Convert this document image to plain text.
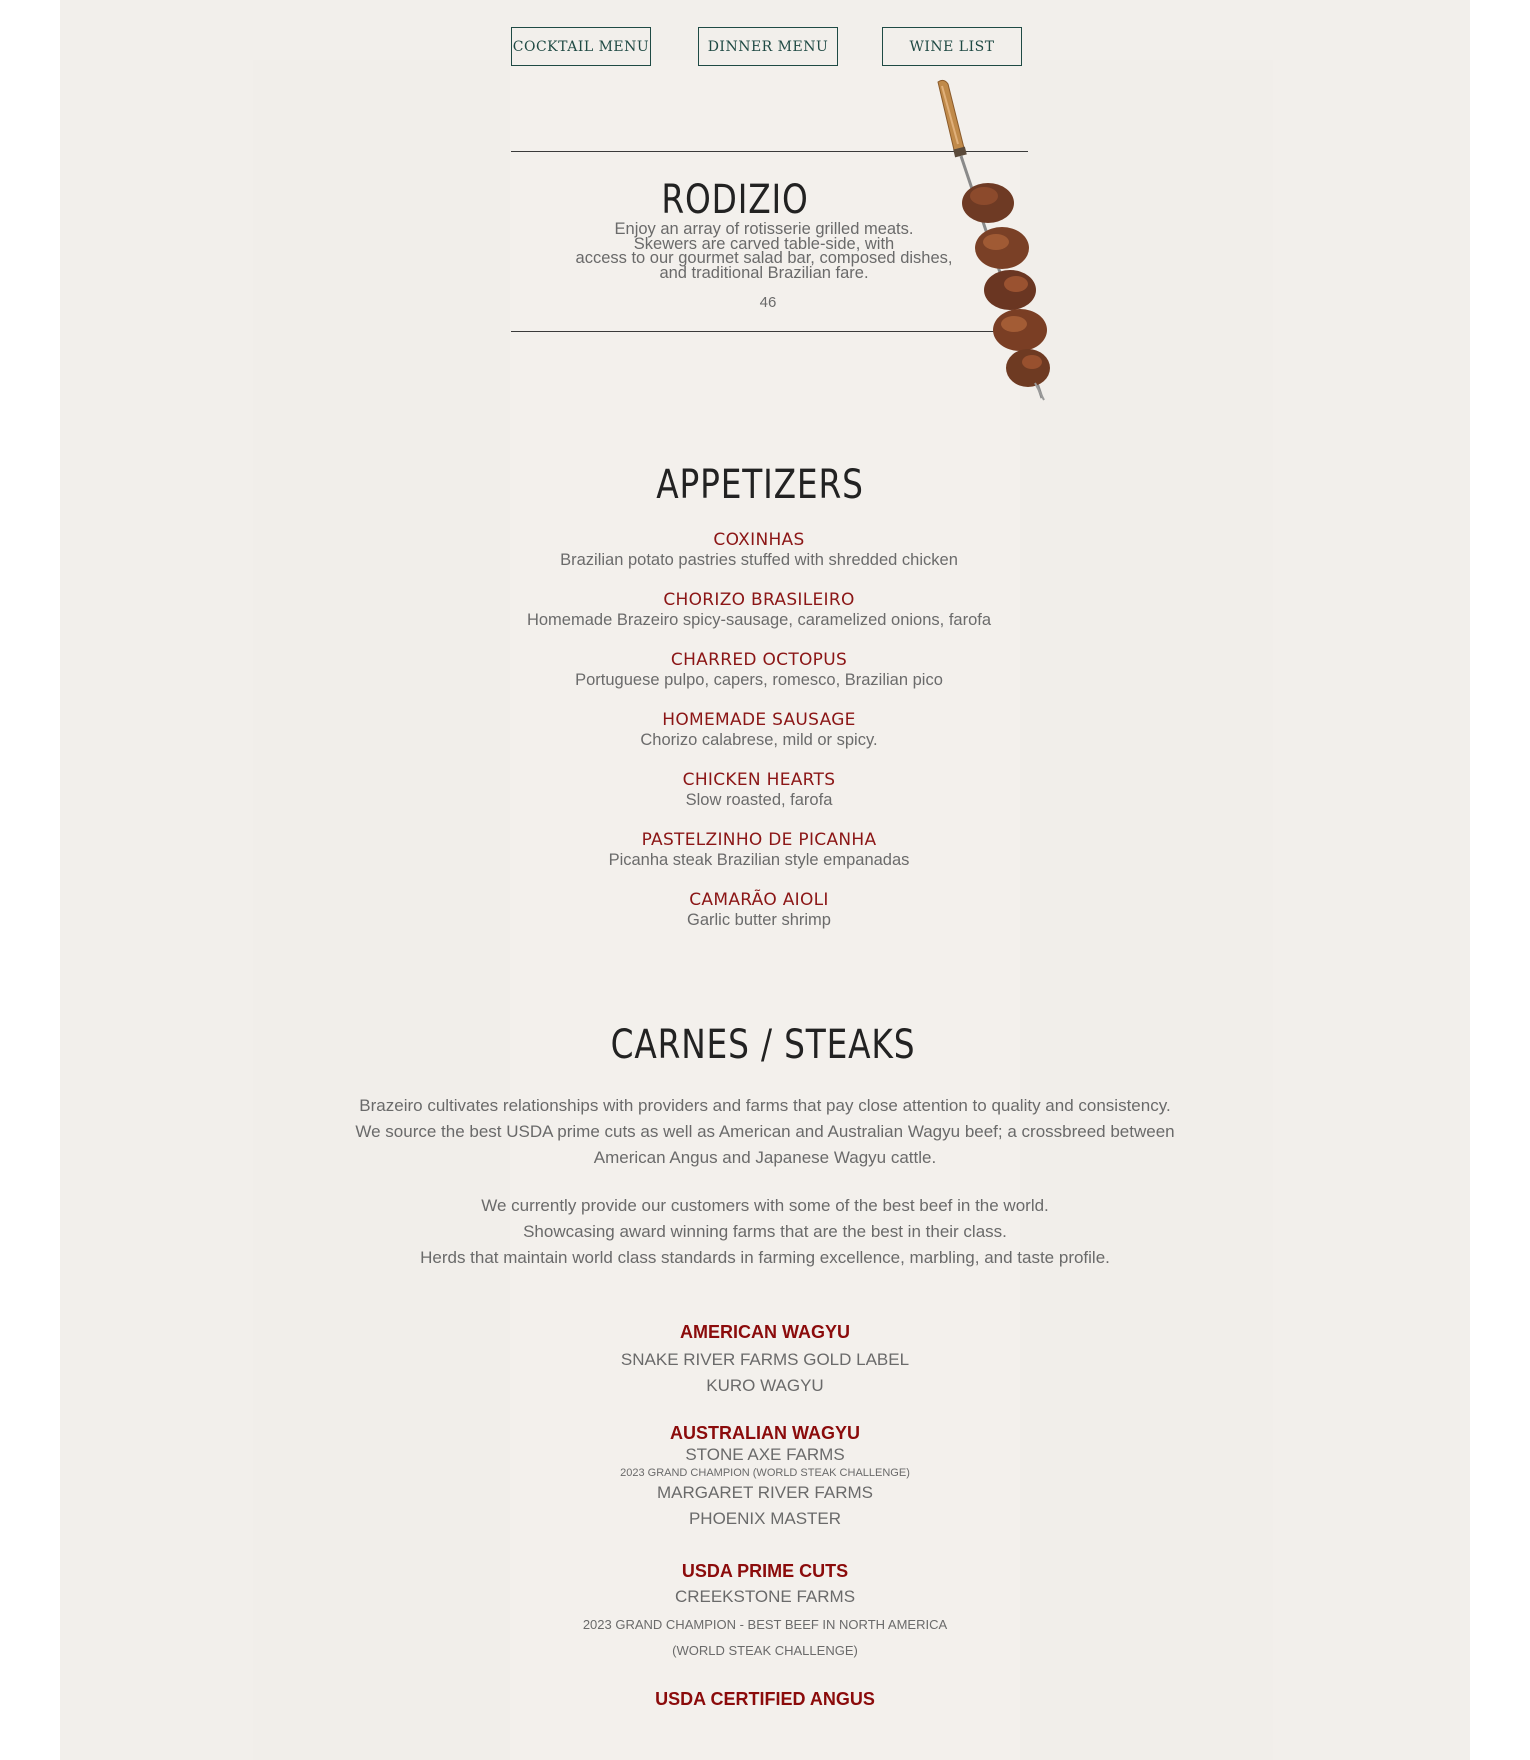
COCKTAIL MENU	DINNER MENU	WINE LIST
RODIZIO
Enjoy an array of rotisserie grilled meats.
Skewers are carved table-side, with
access to our gourmet salad bar, composed dishes,
and traditional Brazilian fare.
46
APPETIZERS
COXINHAS
Brazilian potato pastries stuffed with shredded chicken
CHORIZO BRASILEIRO
Homemade Brazeiro spicy-sausage, caramelized onions, farofa
CHARRED OCTOPUS
Portuguese pulpo, capers, romesco, Brazilian pico
HOMEMADE SAUSAGE
Chorizo calabrese, mild or spicy.
CHICKEN HEARTS
Slow roasted, farofa
PASTELZINHO DE PICANHA
Picanha steak Brazilian style empanadas
CAMARÃO AIOLI
Garlic butter shrimp
CARNES / STEAKS
Brazeiro cultivates relationships with providers and farms that pay close attention to quality and consistency.
We source the best USDA prime cuts as well as American and Australian Wagyu beef; a crossbreed between
American Angus and Japanese Wagyu cattle.
We currently provide our customers with some of the best beef in the world.
Showcasing award winning farms that are the best in their class.
Herds that maintain world class standards in farming excellence, marbling, and taste profile.
AMERICAN WAGYU
SNAKE RIVER FARMS GOLD LABEL
KURO WAGYU
AUSTRALIAN WAGYU
STONE AXE FARMS
2023 GRAND CHAMPION (WORLD STEAK CHALLENGE)
MARGARET RIVER FARMS
PHOENIX MASTER
USDA PRIME CUTS
CREEKSTONE FARMS
2023 GRAND CHAMPION - BEST BEEF IN NORTH AMERICA
(WORLD STEAK CHALLENGE)
USDA CERTIFIED ANGUS
